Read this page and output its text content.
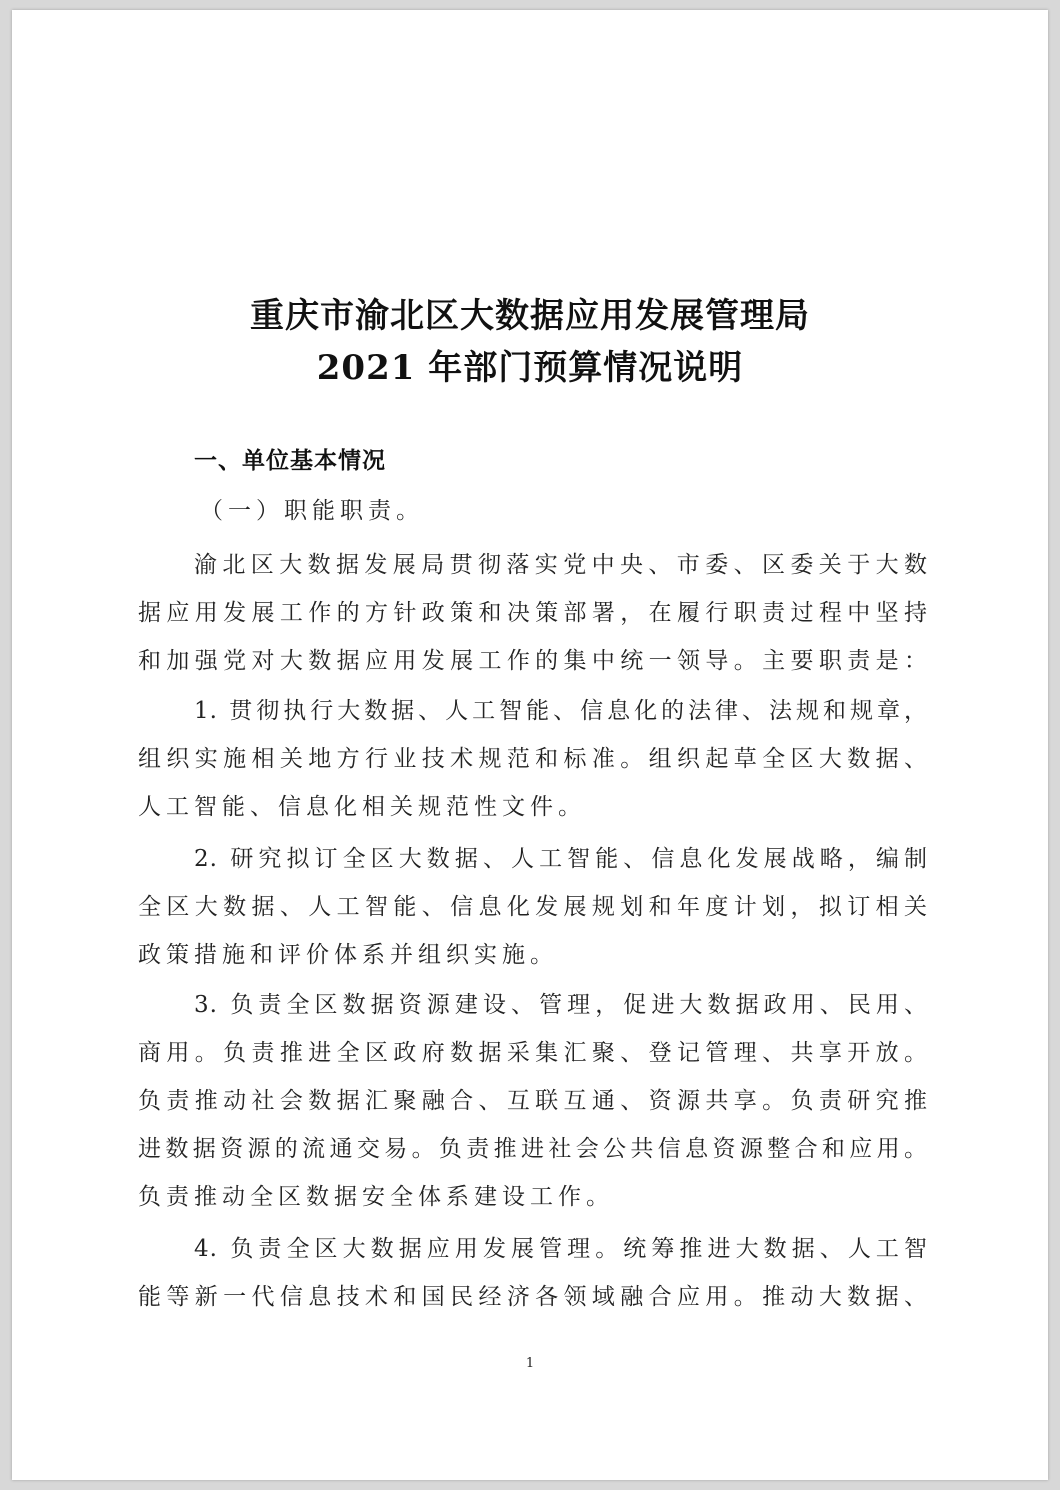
重庆市渝北区大数据应用发展管理局
2021 年部门预算情况说明
一、单位基本情况
（一）职能职责。
渝北区大数据发展局贯彻落实党中央、市委、区委关于大数
据应用发展工作的方针政策和决策部署，在履行职责过程中坚持
和加强党对大数据应用发展工作的集中统一领导。主要职责是：
1. 贯彻执行大数据、人工智能、信息化的法律、法规和规章，
组织实施相关地方行业技术规范和标准。组织起草全区大数据、
人工智能、信息化相关规范性文件。
2. 研究拟订全区大数据、人工智能、信息化发展战略，编制
全区大数据、人工智能、信息化发展规划和年度计划，拟订相关
政策措施和评价体系并组织实施。
3. 负责全区数据资源建设、管理，促进大数据政用、民用、
商用。负责推进全区政府数据采集汇聚、登记管理、共享开放。
负责推动社会数据汇聚融合、互联互通、资源共享。负责研究推
进数据资源的流通交易。负责推进社会公共信息资源整合和应用。
负责推动全区数据安全体系建设工作。
4. 负责全区大数据应用发展管理。统筹推进大数据、人工智
能等新一代信息技术和国民经济各领域融合应用。推动大数据、
1
